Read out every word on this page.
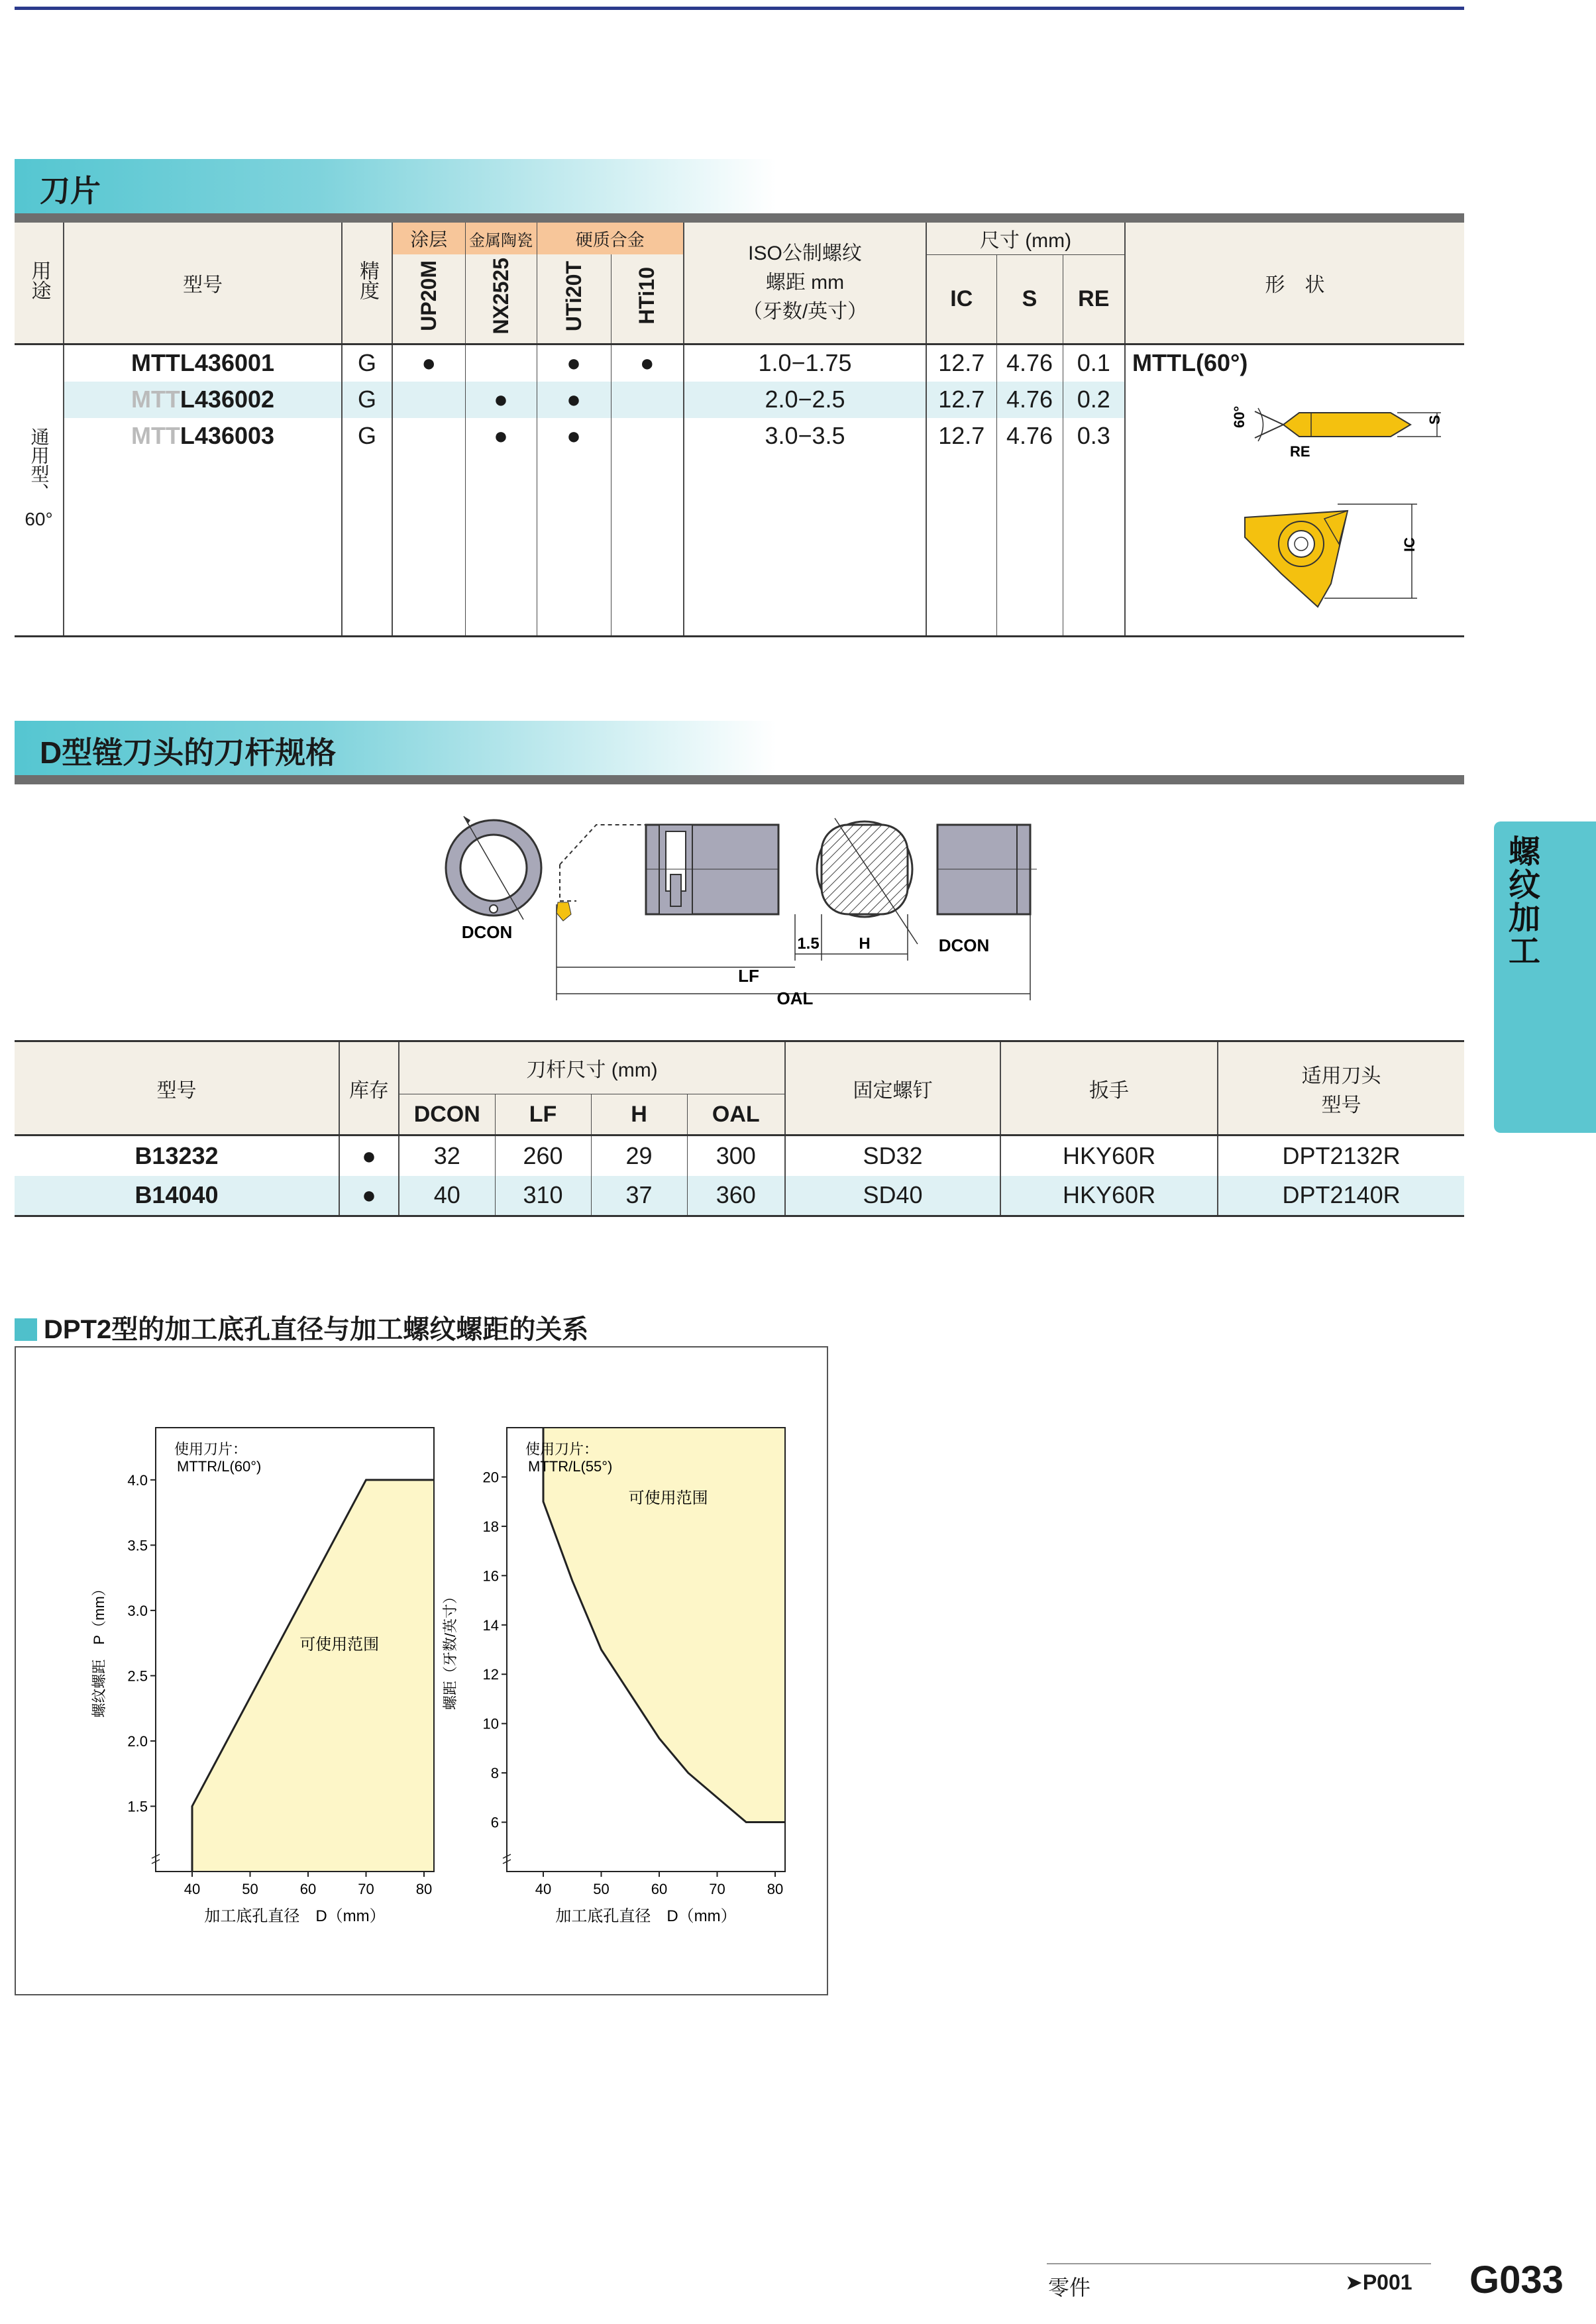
刀片
用途	型号	精度	涂层	金属陶瓷	硬质合金		ISO公制螺纹
螺距 mm
（牙数/英寸）	尺寸 (mm)			形　状
			UP20M	NX2525	UTi20T	HTi10		IC	S	RE	

通用型、
60°	MTTL436001	G	●		●	●	1.0−1.75	12.7	4.76	0.1	MTTL(60°)
60°
RE
S
IC

	MTTL436002	G		●	●		2.0−2.5	12.7	4.76	0.2	
	MTTL436003	G		●	●		3.0−3.5	12.7	4.76	0.3	

D型镗刀头的刀杆规格
DCON
1.5 H	DCON
LF
OAL
型号	库存	刀杆尺寸 (mm)				固定螺钉	扳手	适用刀头
型号

		DCON	LF	H	OAL			

B13232	●	32	260	29	300	SD32	HKY60R	DPT2132R
B14040	●	40	310	37	360	SD40	HKY60R	DPT2140R
螺纹加工
DPT2型的加工底孔直径与加工螺纹螺距的关系
1.5
2.0
2.5
3.0
3.5
4.0
40	50	60	70	80
加工底孔直径　D（mm）
螺纹螺距　P（mm）
使用刀片：
MTTR/L(60°)
可使用范围
6
8
10
12
14
16
18
20
40	50	60	70	80
加工底孔直径　D（mm）
螺距（牙数/英寸）
使用刀片：
MTTR/L(55°)
可使用范围
零件	➤P001 G033
